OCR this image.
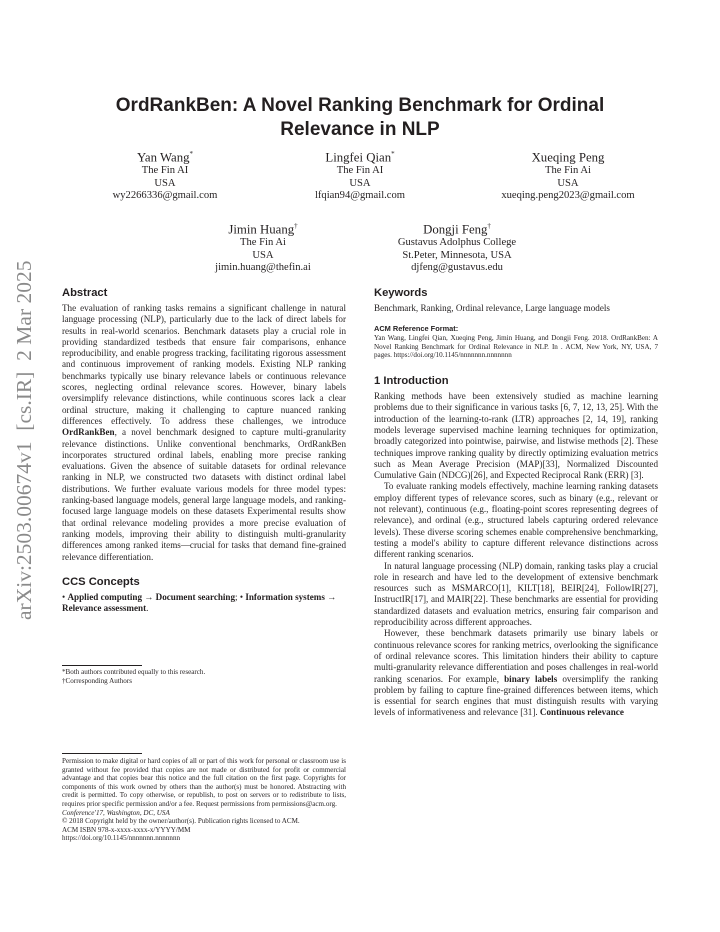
arXiv:2503.00674v1  [cs.IR]  2 Mar 2025
OrdRankBen: A Novel Ranking Benchmark for Ordinal
Relevance in NLP
Yan Wang*
The Fin AI
USA
wy2266336@gmail.com
Lingfei Qian*
The Fin AI
USA
lfqian94@gmail.com
Xueqing Peng
The Fin Ai
USA
xueqing.peng2023@gmail.com
Jimin Huang†
The Fin Ai
USA
jimin.huang@thefin.ai
Dongji Feng†
Gustavus Adolphus College
St.Peter, Minnesota, USA
djfeng@gustavus.edu
Abstract

The evaluation of ranking tasks remains a significant challenge in natural language processing (NLP), particularly due to the lack of direct labels for results in real-world scenarios. Benchmark datasets play a crucial role in providing standardized testbeds that ensure fair comparisons, enhance reproducibility, and enable progress tracking, facilitating rigorous assessment and continuous improvement of ranking models. Existing NLP ranking benchmarks typically use binary relevance labels or continuous relevance scores, neglecting ordinal relevance scores. However, binary labels oversimplify relevance distinctions, while continuous scores lack a clear ordinal structure, making it challenging to capture nuanced ranking differences effectively. To address these challenges, we introduce OrdRankBen, a novel benchmark designed to capture multi-granularity relevance distinctions. Unlike conventional benchmarks, OrdRankBen incorporates structured ordinal labels, enabling more precise ranking evaluations. Given the absence of suitable datasets for ordinal relevance ranking in NLP, we constructed two datasets with distinct ordinal label distributions. We further evaluate various models for three model types: ranking-based language models, general large language models, and ranking-focused large language models on these datasets Experimental results show that ordinal relevance modeling provides a more precise evaluation of ranking models, improving their ability to distinguish multi-granularity differences among ranked items—crucial for tasks that demand fine-grained relevance differentiation.

CCS Concepts

• Applied computing → Document searching; • Information systems → Relevance assessment.

*Both authors contributed equally to this research.
†Corresponding Authors

Permission to make digital or hard copies of all or part of this work for personal or classroom use is granted without fee provided that copies are not made or distributed for profit or commercial advantage and that copies bear this notice and the full citation on the first page. Copyrights for components of this work owned by others than the author(s) must be honored. Abstracting with credit is permitted. To copy otherwise, or republish, to post on servers or to redistribute to lists, requires prior specific permission and/or a fee. Request permissions from permissions@acm.org.

Conference'17, Washington, DC, USA
© 2018 Copyright held by the owner/author(s). Publication rights licensed to ACM.
ACM ISBN 978-x-xxxx-xxxx-x/YYYY/MM
https://doi.org/10.1145/nnnnnnn.nnnnnnn
Keywords

Benchmark, Ranking, Ordinal relevance, Large language models

ACM Reference Format:

Yan Wang, Lingfei Qian, Xueqing Peng, Jimin Huang, and Dongji Feng. 2018. OrdRankBen: A Novel Ranking Benchmark for Ordinal Relevance in NLP. In . ACM, New York, NY, USA, 7 pages. https://doi.org/10.1145/nnnnnnn.nnnnnnn

1 Introduction

Ranking methods have been extensively studied as machine learning problems due to their significance in various tasks [6, 7, 12, 13, 25]. With the introduction of the learning-to-rank (LTR) approaches [2, 14, 19], ranking models leverage supervised machine learning techniques for optimization, broadly categorized into pointwise, pairwise, and listwise methods [2]. These techniques improve ranking quality by directly optimizing evaluation metrics such as Mean Average Precision (MAP)[33], Normalized Discounted Cumulative Gain (NDCG)[26], and Expected Reciprocal Rank (ERR) [3].

To evaluate ranking models effectively, machine learning ranking datasets employ different types of relevance scores, such as binary (e.g., relevant or not relevant), continuous (e.g., floating-point scores representing degrees of relevance), and ordinal (e.g., structured labels capturing ordered relevance levels). These diverse scoring schemes enable comprehensive benchmarking, testing a model's ability to capture different relevance distinctions across different ranking scenarios.

In natural language processing (NLP) domain, ranking tasks play a crucial role in research and have led to the development of extensive benchmark resources such as MSMARCO[1], KILT[18], BEIR[24], FollowIR[27], InstructIR[17], and MAIR[22]. These benchmarks are essential for providing standardized datasets and evaluation metrics, ensuring fair comparison and reproducibility across different approaches.

However, these benchmark datasets primarily use binary labels or continuous relevance scores for ranking metrics, overlooking the significance of ordinal relevance scores. This limitation hinders their ability to capture multi-granularity relevance differentiation and poses challenges in real-world ranking scenarios. For example, binary labels oversimplify the ranking problem by failing to capture fine-grained differences between items, which is essential for search engines that must distinguish results with varying levels of informativeness and relevance [31]. Continuous relevance
